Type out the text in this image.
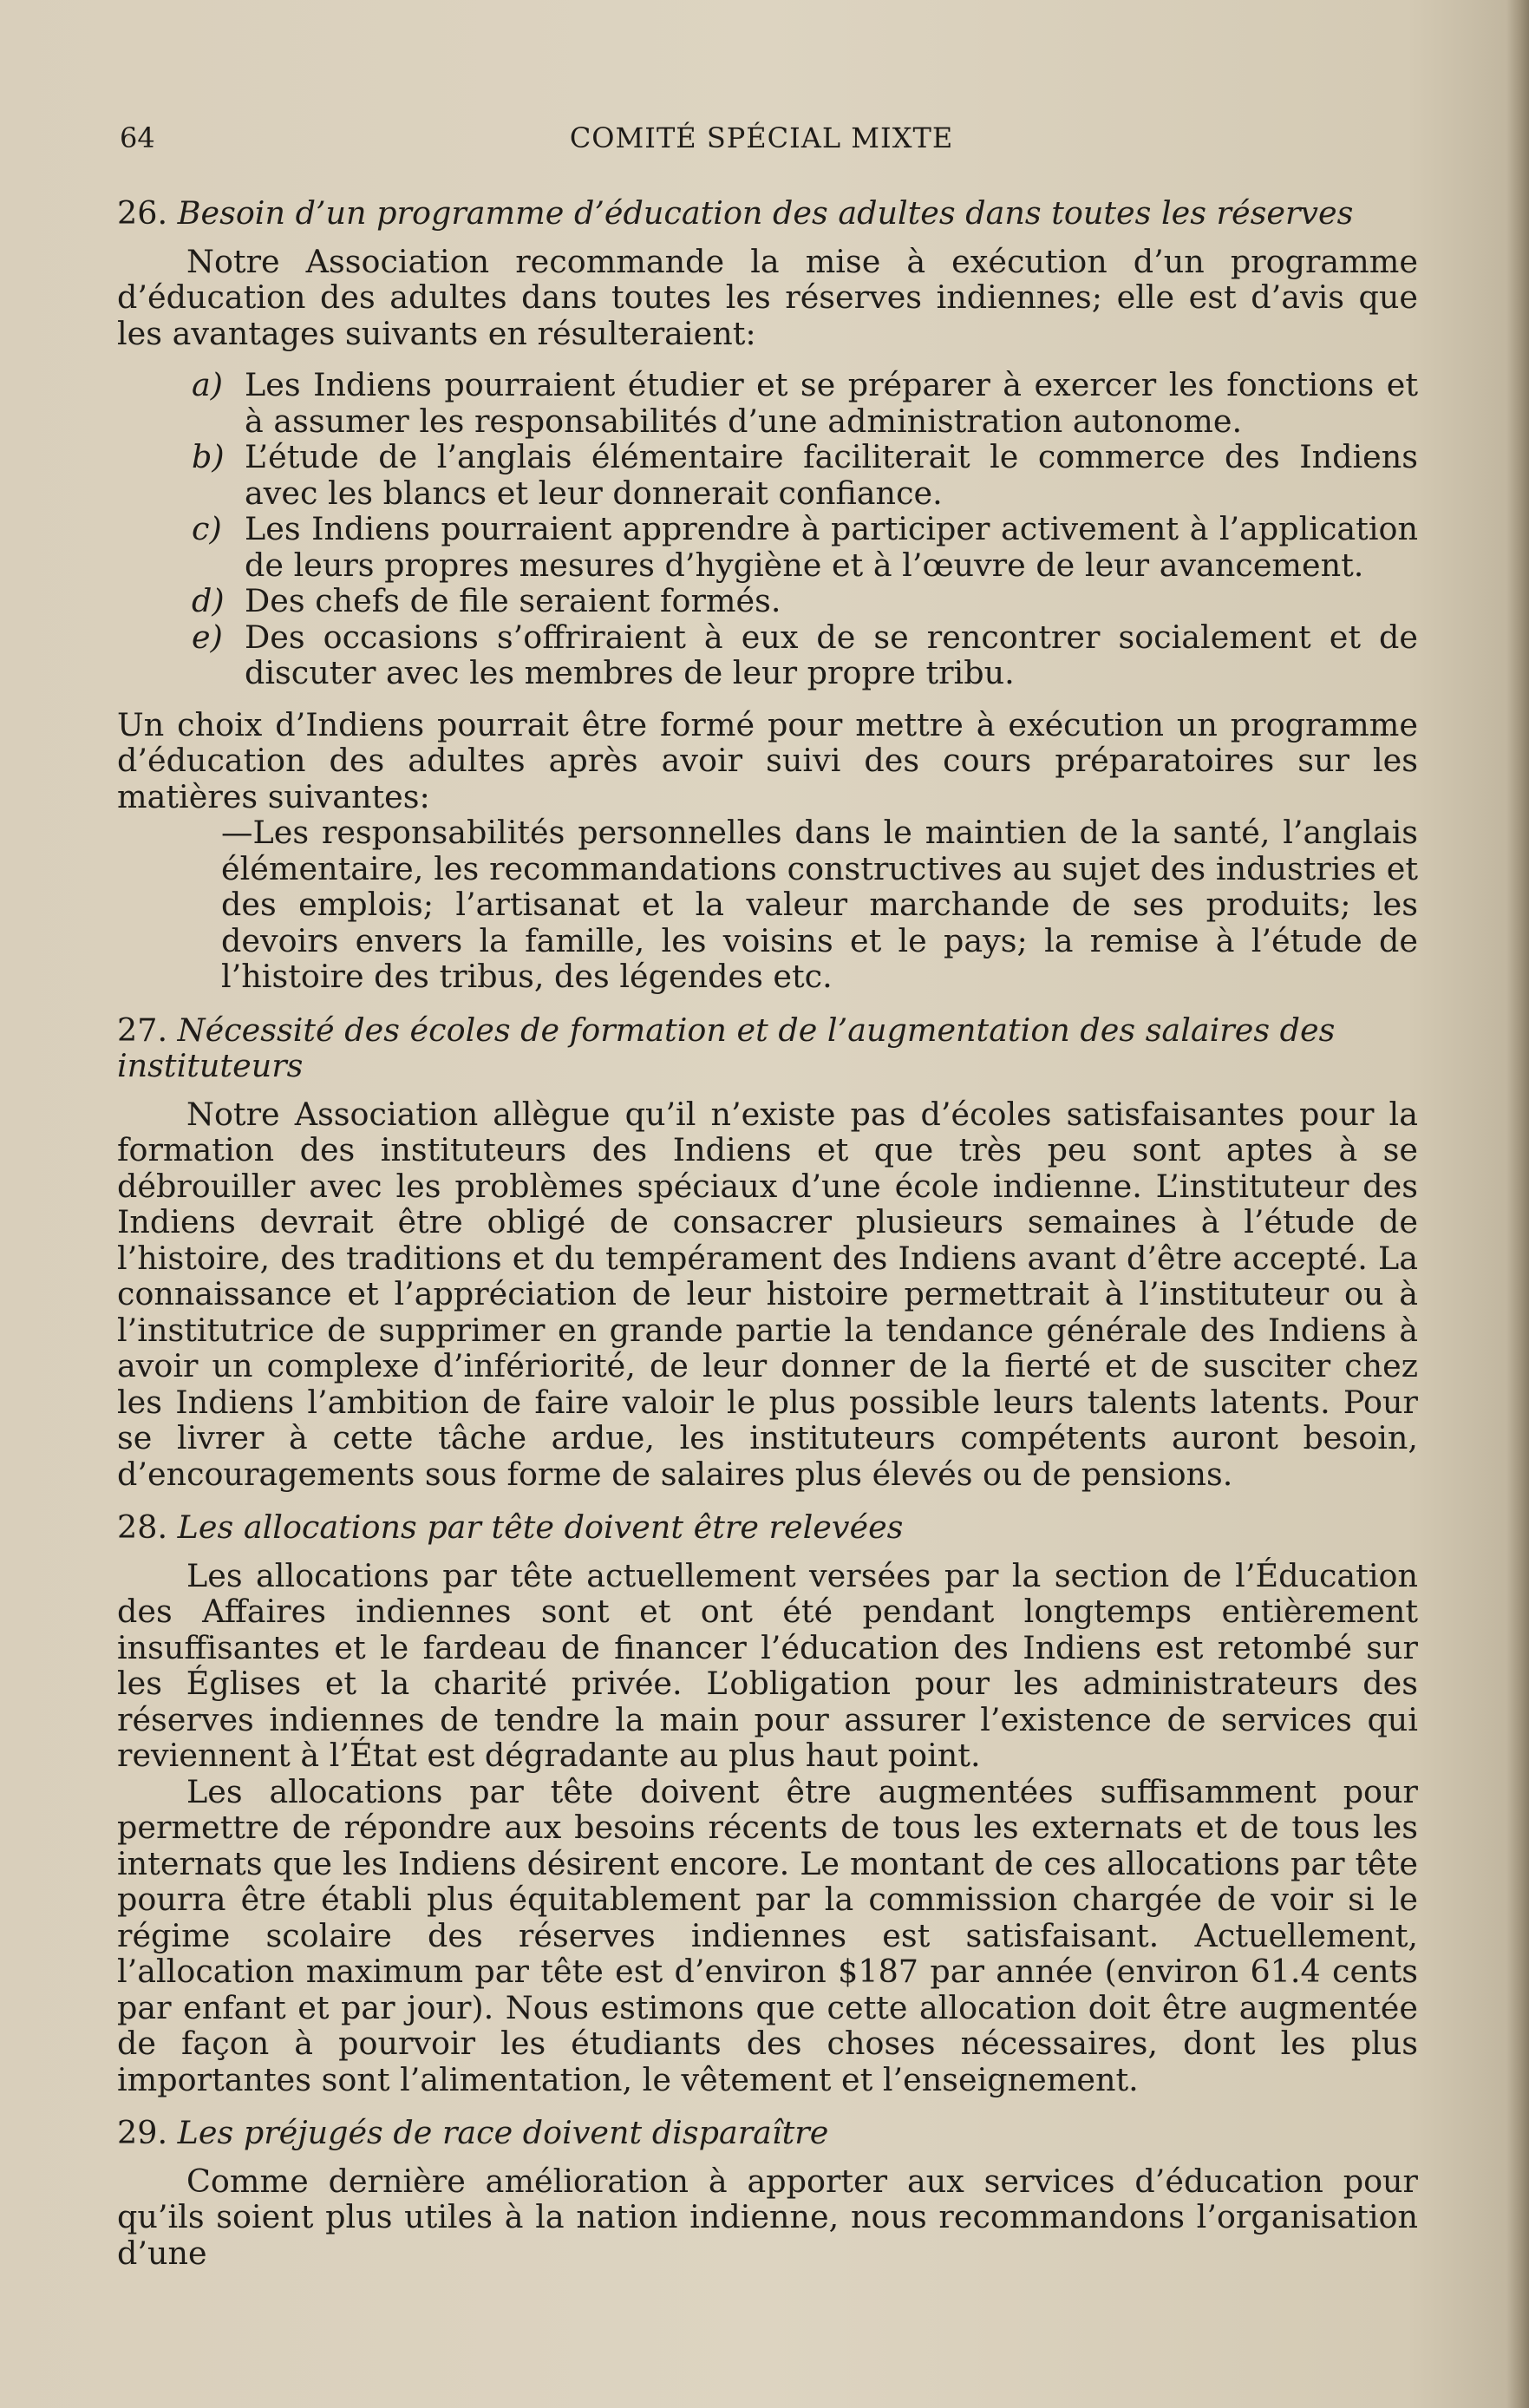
64	COMITÉ SPÉCIAL MIXTE
26. Besoin d’un programme d’éducation des adultes dans toutes les réserves

Notre Association recommande la mise à exécution d’un programme d’éducation des adultes dans toutes les réserves indiennes; elle est d’avis que les avantages suivants en résulteraient:

a) Les Indiens pourraient étudier et se préparer à exercer les fonctions et à assumer les responsabilités d’une administration autonome.
b) L’étude de l’anglais élémentaire faciliterait le commerce des Indiens avec les blancs et leur donnerait confiance.
c) Les Indiens pourraient apprendre à participer activement à l’application de leurs propres mesures d’hygiène et à l’œuvre de leur avancement.
d) Des chefs de file seraient formés.
e) Des occasions s’offriraient à eux de se rencontrer socialement et de discuter avec les membres de leur propre tribu.

Un choix d’Indiens pourrait être formé pour mettre à exécution un programme d’éducation des adultes après avoir suivi des cours préparatoires sur les matières suivantes:

—Les responsabilités personnelles dans le maintien de la santé, l’anglais élémentaire, les recommandations constructives au sujet des industries et des emplois; l’artisanat et la valeur marchande de ses produits; les devoirs envers la famille, les voisins et le pays; la remise à l’étude de l’histoire des tribus, des légendes etc.

27. Nécessité des écoles de formation et de l’augmentation des salaires des instituteurs

Notre Association allègue qu’il n’existe pas d’écoles satisfaisantes pour la formation des instituteurs des Indiens et que très peu sont aptes à se débrouiller avec les problèmes spéciaux d’une école indienne. L’instituteur des Indiens devrait être obligé de consacrer plusieurs semaines à l’étude de l’histoire, des traditions et du tempérament des Indiens avant d’être accepté. La connaissance et l’appréciation de leur histoire permettrait à l’instituteur ou à l’institutrice de supprimer en grande partie la tendance générale des Indiens à avoir un complexe d’infériorité, de leur donner de la fierté et de susciter chez les Indiens l’ambition de faire valoir le plus possible leurs talents latents. Pour se livrer à cette tâche ardue, les instituteurs compétents auront besoin, d’encouragements sous forme de salaires plus élevés ou de pensions.

28. Les allocations par tête doivent être relevées

Les allocations par tête actuellement versées par la section de l’Éducation des Affaires indiennes sont et ont été pendant longtemps entièrement insuffisantes et le fardeau de financer l’éducation des Indiens est retombé sur les Églises et la charité privée. L’obligation pour les administrateurs des réserves indiennes de tendre la main pour assurer l’existence de services qui reviennent à l’État est dégradante au plus haut point.

Les allocations par tête doivent être augmentées suffisamment pour permettre de répondre aux besoins récents de tous les externats et de tous les internats que les Indiens désirent encore. Le montant de ces allocations par tête pourra être établi plus équitablement par la commission chargée de voir si le régime scolaire des réserves indiennes est satisfaisant. Actuellement, l’allocation maximum par tête est d’environ $187 par année (environ 61.4 cents par enfant et par jour). Nous estimons que cette allocation doit être augmentée de façon à pourvoir les étudiants des choses nécessaires, dont les plus importantes sont l’alimentation, le vêtement et l’enseignement.

29. Les préjugés de race doivent disparaître

Comme dernière amélioration à apporter aux services d’éducation pour qu’ils soient plus utiles à la nation indienne, nous recommandons l’organisation d’une
